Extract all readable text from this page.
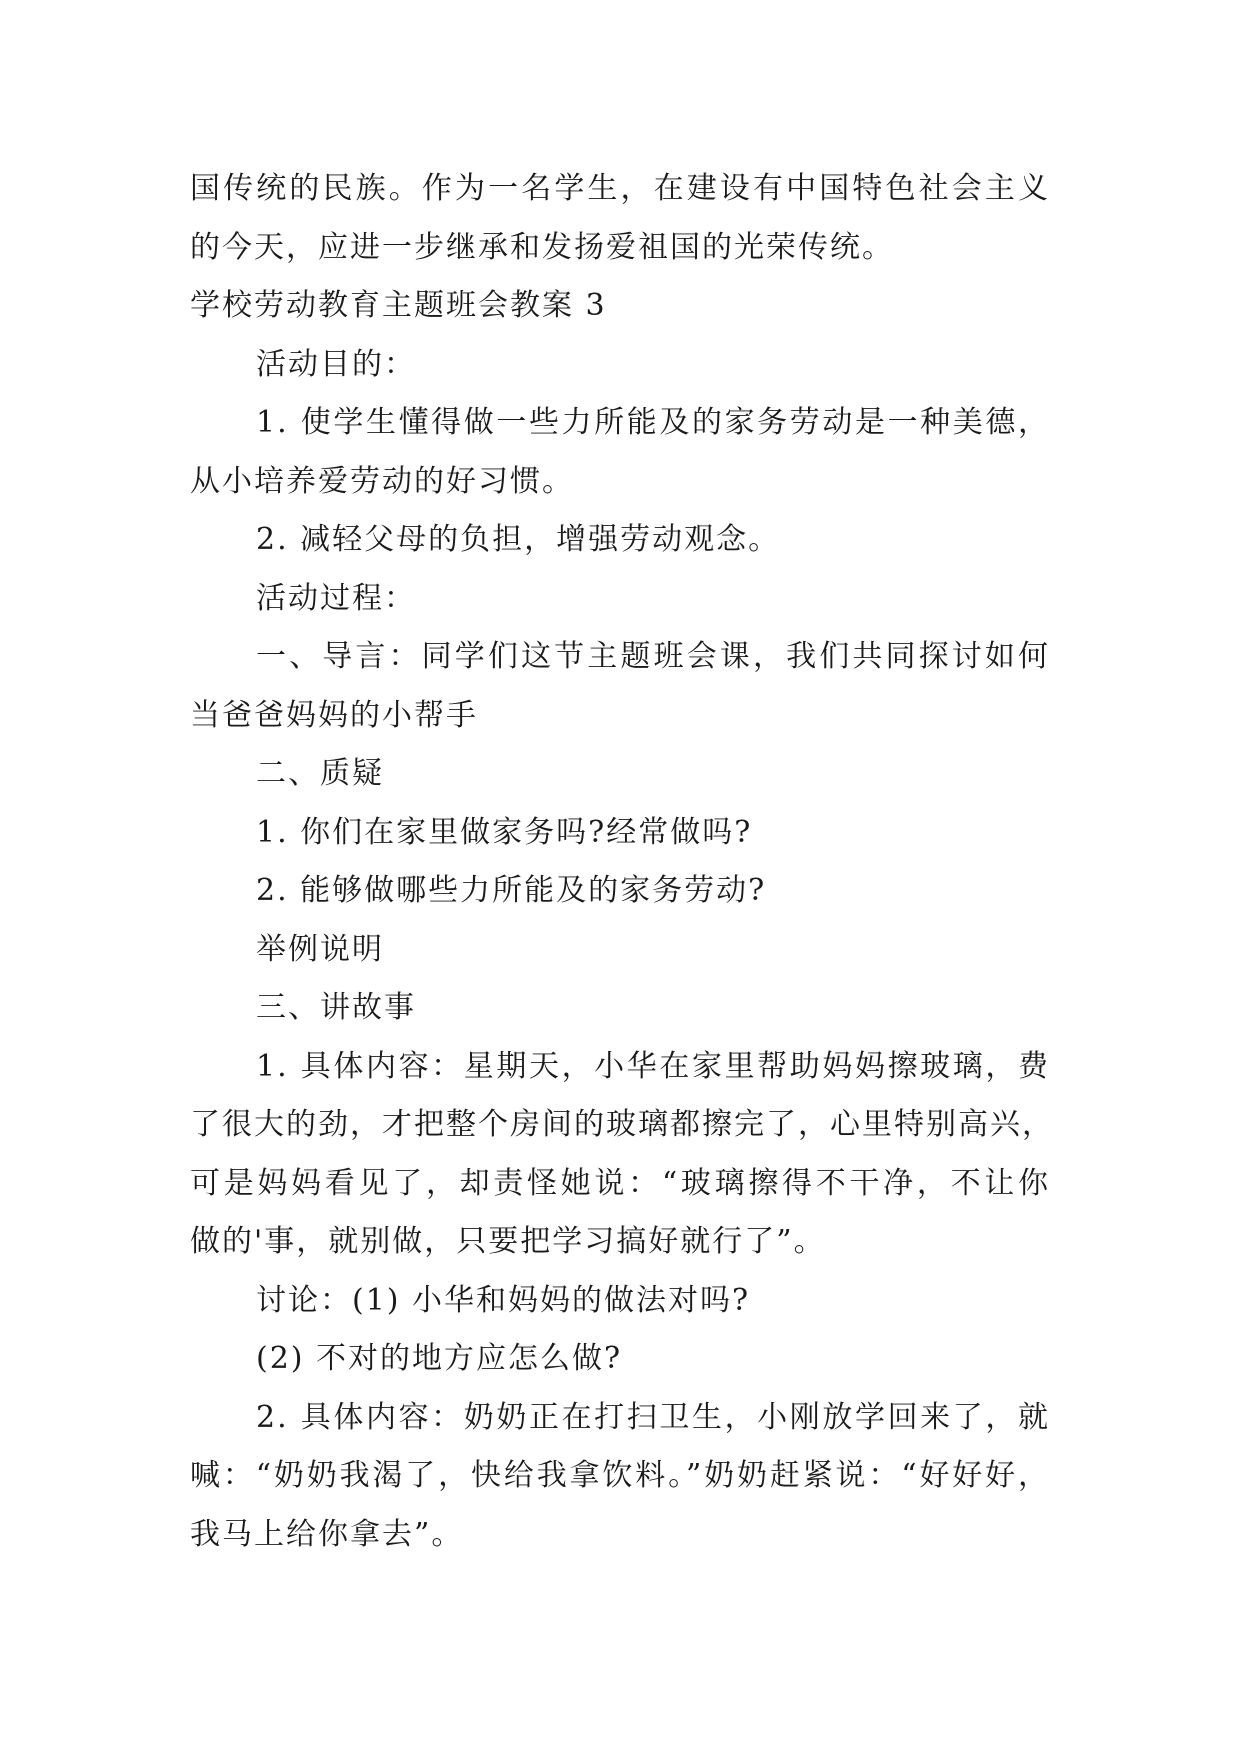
国传统的民族。作为一名学生，在建设有中国特色社会主义
的今天，应进一步继承和发扬爱祖国的光荣传统。
学校劳动教育主题班会教案 3
活动目的：
1. 使学生懂得做一些力所能及的家务劳动是一种美德，
从小培养爱劳动的好习惯。
2. 减轻父母的负担，增强劳动观念。
活动过程：
一、导言：同学们这节主题班会课，我们共同探讨如何
当爸爸妈妈的小帮手
二、质疑
1. 你们在家里做家务吗?经常做吗?
2. 能够做哪些力所能及的家务劳动?
举例说明
三、讲故事
1. 具体内容：星期天，小华在家里帮助妈妈擦玻璃，费
了很大的劲，才把整个房间的玻璃都擦完了，心里特别高兴，
可是妈妈看见了，却责怪她说：“玻璃擦得不干净，不让你
做的'事，就别做，只要把学习搞好就行了”。
讨论：(1) 小华和妈妈的做法对吗?
(2) 不对的地方应怎么做?
2. 具体内容：奶奶正在打扫卫生，小刚放学回来了，就
喊：“奶奶我渴了，快给我拿饮料。”奶奶赶紧说：“好好好，
我马上给你拿去”。
